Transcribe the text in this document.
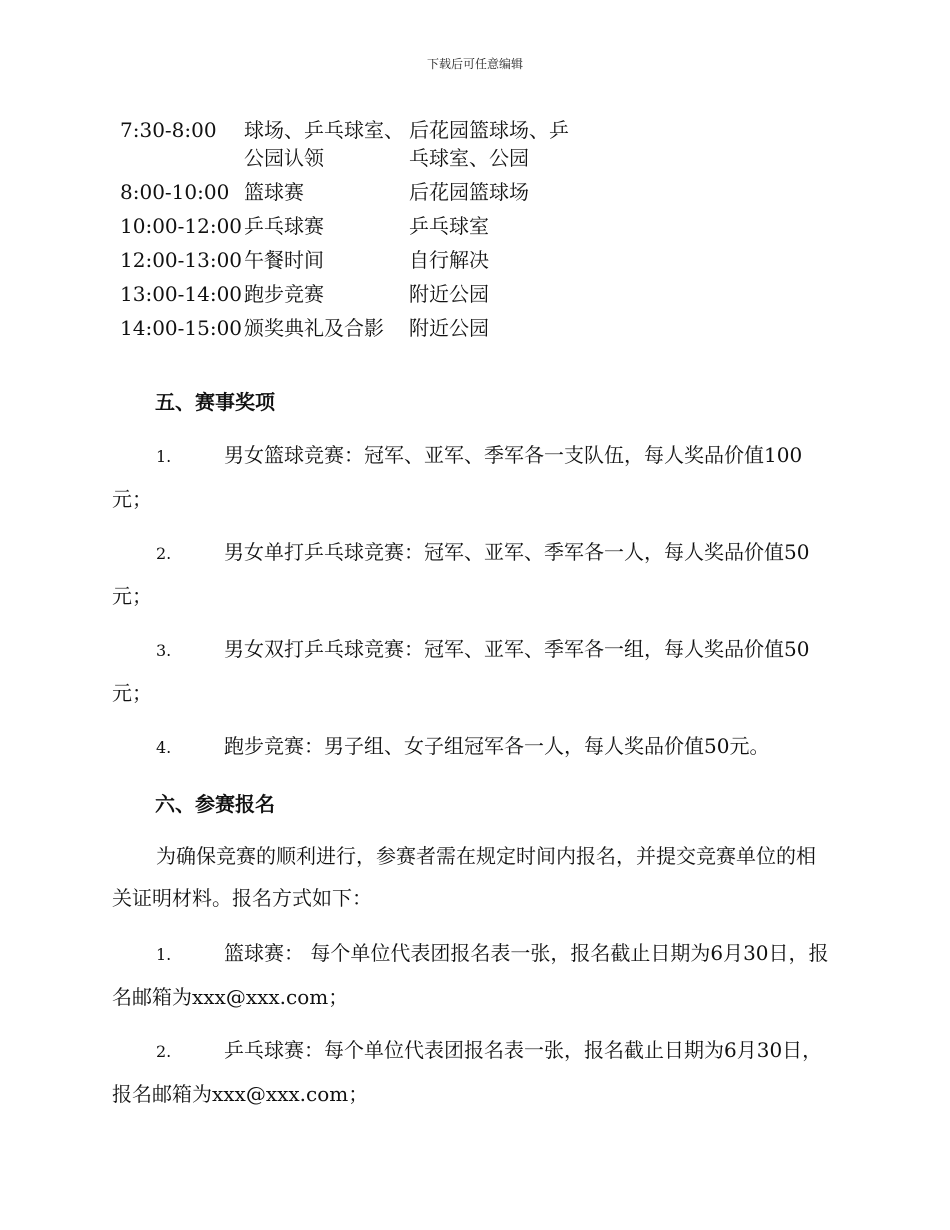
下载后可任意编辑
7:30-8:00	球场、乒乓球室、公园认领	后花园篮球场、乒乓球室、公园
8:00-10:00	篮球赛	后花园篮球场
10:00-12:00	乒乓球赛	乒乓球室
12:00-13:00	午餐时间	自行解决
13:00-14:00	跑步竞赛	附近公园
14:00-15:00	颁奖典礼及合影	附近公园
五、赛事奖项
1.	男女篮球竞赛：冠军、亚军、季军各一支队伍，每人奖品价值100元；
2.	男女单打乒乓球竞赛：冠军、亚军、季军各一人，每人奖品价值50元；
3.	男女双打乒乓球竞赛：冠军、亚军、季军各一组，每人奖品价值50元；
4.	跑步竞赛：男子组、女子组冠军各一人，每人奖品价值50元。
六、参赛报名
为确保竞赛的顺利进行，参赛者需在规定时间内报名，并提交竞赛单位的相关证明材料。报名方式如下：
1.	篮球赛： 每个单位代表团报名表一张，报名截止日期为6月30日，报名邮箱为xxx@xxx.com；
2.	乒乓球赛：每个单位代表团报名表一张，报名截止日期为6月30日，报名邮箱为xxx@xxx.com；
